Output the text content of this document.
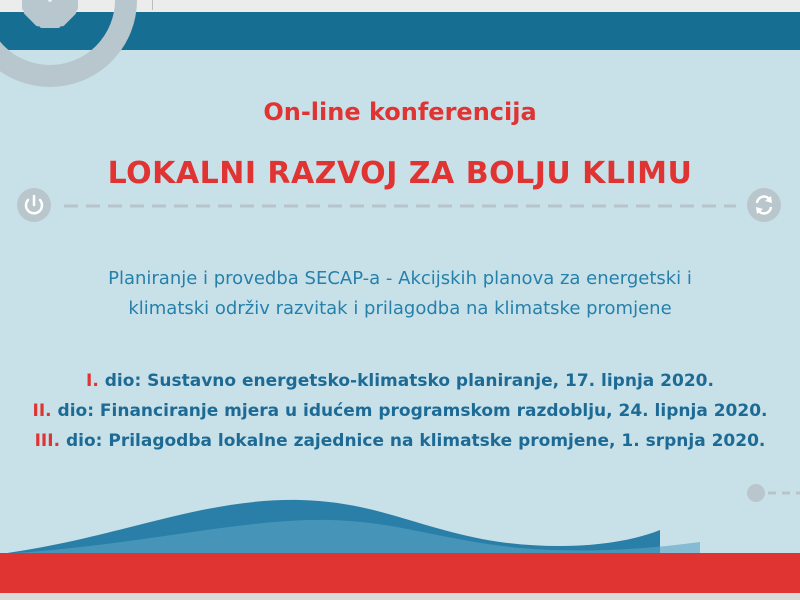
On-line konferencija
LOKALNI RAZVOJ ZA BOLJU KLIMU
Planiranje i provedba SECAP-a - Akcijskih planova za energetski i
klimatski održiv razvitak i prilagodba na klimatske promjene
I. dio: Sustavno energetsko-klimatsko planiranje, 17. lipnja 2020.
II. dio: Financiranje mjera u idućem programskom razdoblju, 24. lipnja 2020.
III. dio: Prilagodba lokalne zajednice na klimatske promjene, 1. srpnja 2020.
